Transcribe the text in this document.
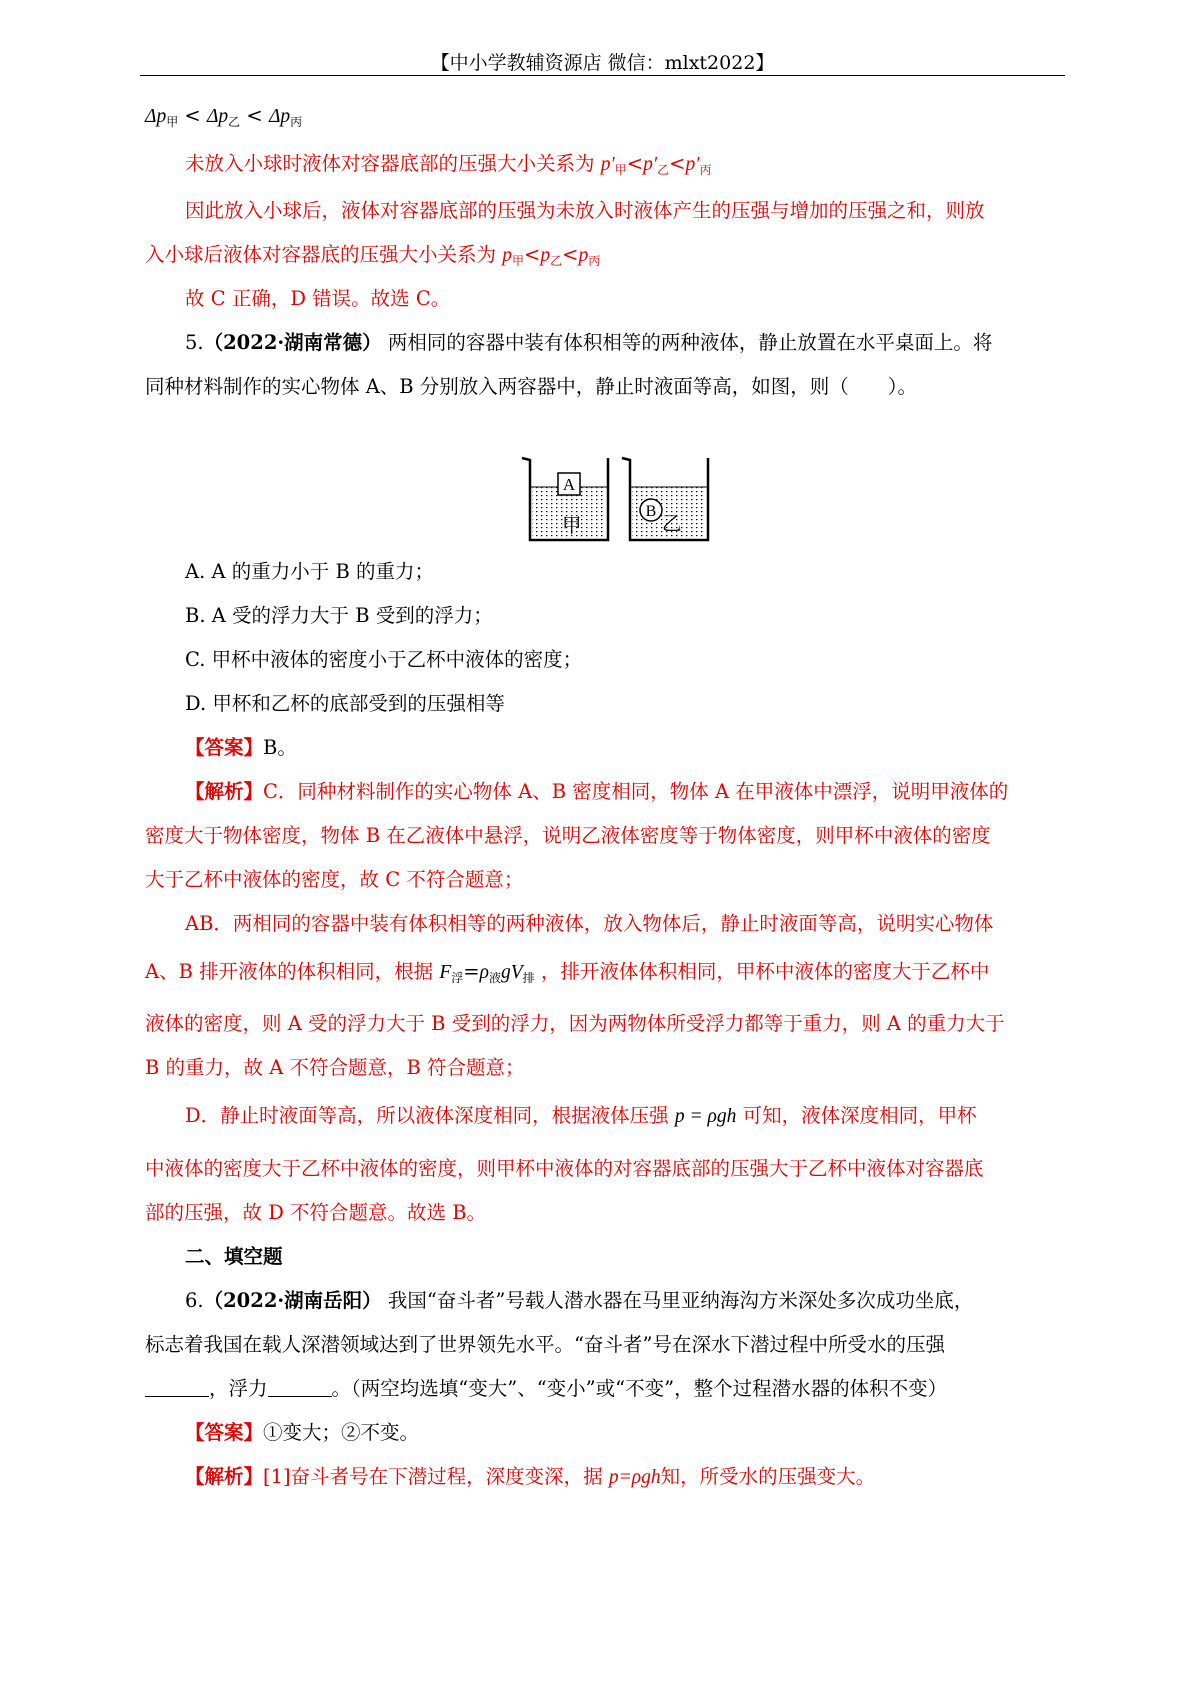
【中小学教辅资源店 微信：mlxt2022】
$\Delta p_甲 < \Delta p_乙 < \Delta p_丙$
未放入小球时液体对容器底部的压强大小关系为 $p'_甲<p'_乙<p'_丙$
因此放入小球后，液体对容器底部的压强为未放入时液体产生的压强与增加的压强之和，则放
入小球后液体对容器底的压强大小关系为 $p_甲<p_乙<p_丙$
故 C 正确，D 错误。故选 C。
5.（2022·湖南常德） 两相同的容器中装有体积相等的两种液体，静止放置在水平桌面上。将
同种材料制作的实心物体 A、B 分别放入两容器中，静止时液面等高，如图，则（　　）。
A
B
甲	乙
A. A 的重力小于 B 的重力；
B. A 受的浮力大于 B 受到的浮力；
C. 甲杯中液体的密度小于乙杯中液体的密度；
D. 甲杯和乙杯的底部受到的压强相等
【答案】B。
【解析】C．同种材料制作的实心物体 A、B 密度相同，物体 A 在甲液体中漂浮，说明甲液体的
密度大于物体密度，物体 B 在乙液体中悬浮，说明乙液体密度等于物体密度，则甲杯中液体的密度
大于乙杯中液体的密度，故 C 不符合题意；
AB．两相同的容器中装有体积相等的两种液体，放入物体后，静止时液面等高，说明实心物体
A、B 排开液体的体积相同，根据 $F_浮=\rho_液gV_排$ ，排开液体体积相同，甲杯中液体的密度大于乙杯中
液体的密度，则 A 受的浮力大于 B 受到的浮力，因为两物体所受浮力都等于重力，则 A 的重力大于
B 的重力，故 A 不符合题意，B 符合题意；
D．静止时液面等高，所以液体深度相同，根据液体压强 p = ρgh 可知，液体深度相同，甲杯
中液体的密度大于乙杯中液体的密度，则甲杯中液体的对容器底部的压强大于乙杯中液体对容器底
部的压强，故 D 不符合题意。故选 B。
二、填空题
6.（2022·湖南岳阳） 我国“奋斗者”号载人潜水器在马里亚纳海沟方米深处多次成功坐底，
标志着我国在载人深潜领域达到了世界领先水平。“奋斗者”号在深水下潜过程中所受水的压强
，浮力	。（两空均选填“变大”、“变小”或“不变”，整个过程潜水器的体积不变）
【答案】①变大；②不变。
【解析】[1]奋斗者号在下潜过程，深度变深，据 p=ρgh知，所受水的压强变大。
